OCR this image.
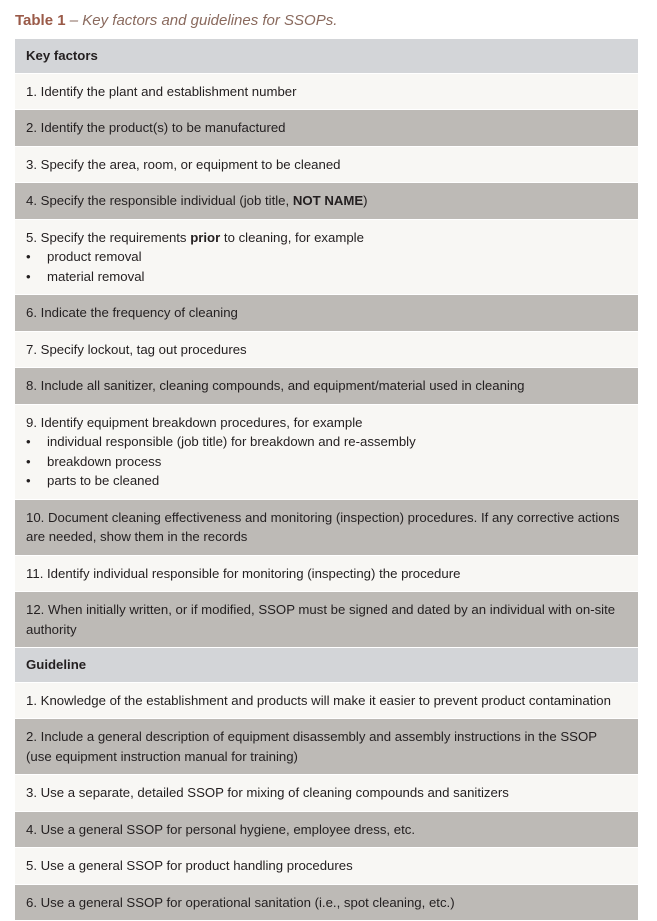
Table 1 – Key factors and guidelines for SSOPs.
Key factors
1. Identify the plant and establishment number
2. Identify the product(s) to be manufactured
3. Specify the area, room, or equipment to be cleaned
4. Specify the responsible individual (job title, NOT NAME)
5. Specify the requirements prior to cleaning, for example
•	product removal
•	material removal
6. Indicate the frequency of cleaning
7. Specify lockout, tag out procedures
8. Include all sanitizer, cleaning compounds, and equipment/material used in cleaning
9. Identify equipment breakdown procedures, for example
•	individual responsible (job title) for breakdown and re-assembly
•	breakdown process
•	parts to be cleaned
10. Document cleaning effectiveness and monitoring (inspection) procedures. If any corrective actions are needed, show them in the records
11. Identify individual responsible for monitoring (inspecting) the procedure
12. When initially written, or if modified, SSOP must be signed and dated by an individual with on-site authority
Guideline
1. Knowledge of the establishment and products will make it easier to prevent product contamination
2. Include a general description of equipment disassembly and assembly instructions in the SSOP (use equipment instruction manual for training)
3. Use a separate, detailed SSOP for mixing of cleaning compounds and sanitizers
4. Use a general SSOP for personal hygiene, employee dress, etc.
5. Use a general SSOP for product handling procedures
6. Use a general SSOP for operational sanitation (i.e., spot cleaning, etc.)
